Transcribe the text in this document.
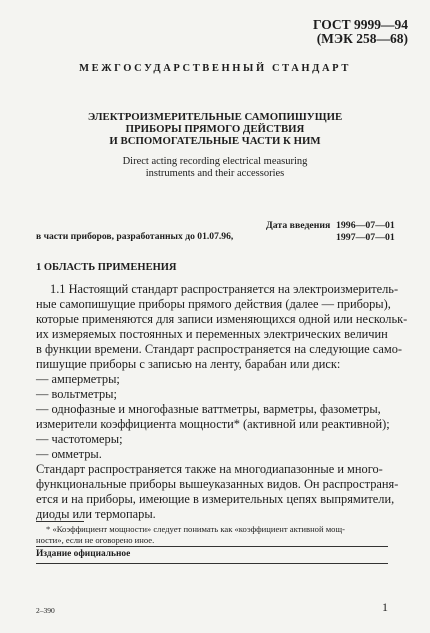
ГОСТ 9999—94
(МЭК 258—68)
МЕЖГОСУДАРСТВЕННЫЙ СТАНДАРТ
ЭЛЕКТРОИЗМЕРИТЕЛЬНЫЕ САМОПИШУЩИЕ
ПРИБОРЫ ПРЯМОГО ДЕЙСТВИЯ
И ВСПОМОГАТЕЛЬНЫЕ ЧАСТИ К НИМ
Direct acting recording electrical measuring
instruments and their accessories
Дата введения 1996—07—01
1997—07—01
в части приборов, разработанных до 01.07.96,
1 ОБЛАСТЬ ПРИМЕНЕНИЯ
1.1 Настоящий стандарт распространяется на электроизмеритель-
ные самопишущие приборы прямого действия (далее — приборы),
которые применяются для записи изменяющихся одной или нескольк-
их измеряемых постоянных и переменных электрических величин
в функции времени. Стандарт распространяется на следующие само-
пишущие приборы с записью на ленту, барабан или диск:
— амперметры;
— вольтметры;
— однофазные и многофазные ваттметры, варметры, фазометры,
измерители коэффициента мощности* (активной или реактивной);
— частотомеры;
— омметры.
Стандарт распространяется также на многодиапазонные и много-
функциональные приборы вышеуказанных видов. Он распространя-
ется и на приборы, имеющие в измерительных цепях выпрямители,
диоды или термопары.
* «Коэффициент мощности» следует понимать как «коэффициент активной мощ-
ности», если не оговорено иное.
Издание официальное
2–390	1
